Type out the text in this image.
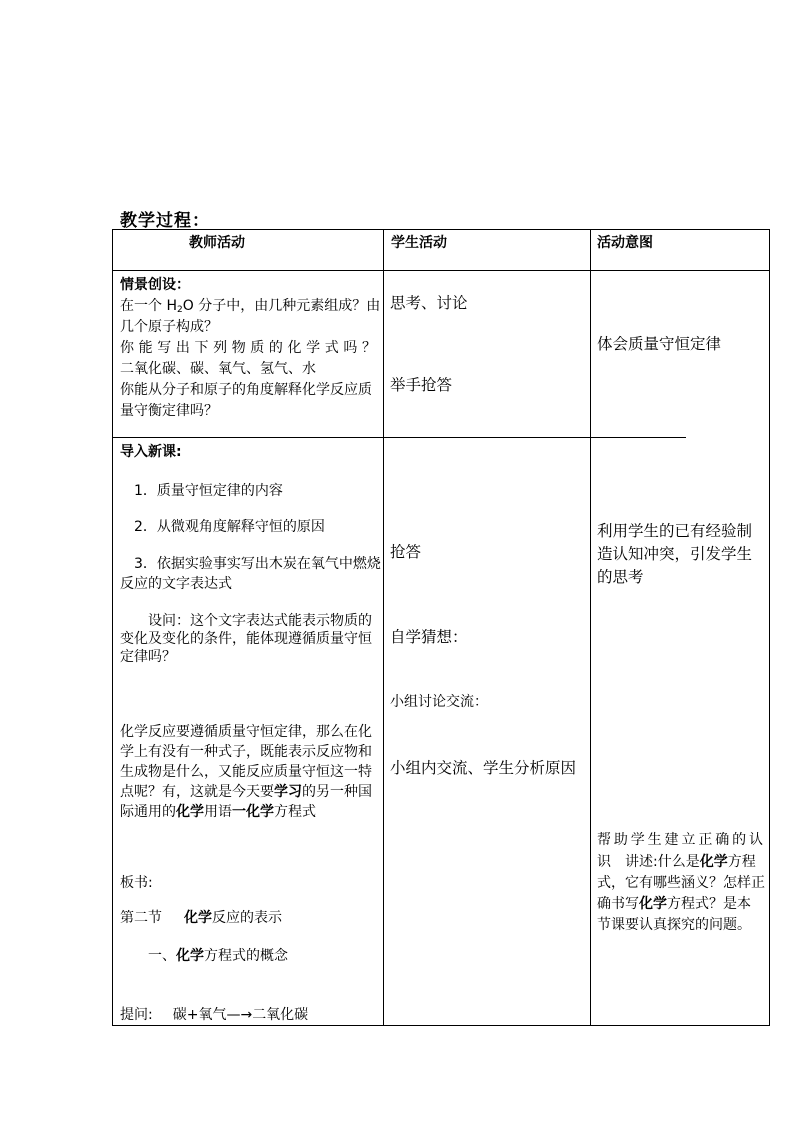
教学过程：
教师活动	学生活动	活动意图
情景创设：
在一个 $H_2O$ 分子中，由几种元素组成？由
几个原子构成？
你能写出下列物质的化学式吗？
二氧化碳、碳、氧气、氢气、水
你能从分子和原子的角度解释化学反应质
量守衡定律吗？
思考、讨论
举手抢答
体会质量守恒定律
导入新课:
1．质量守恒定律的内容
2．从微观角度解释守恒的原因
3．依据实验事实写出木炭在氧气中燃烧
反应的文字表达式
设问：这个文字表达式能表示物质的
变化及变化的条件，能体现遵循质量守恒
定律吗？
化学反应要遵循质量守恒定律，那么在化
学上有没有一种式子，既能表示反应物和
生成物是什么，又能反应质量守恒这一特
点呢？有，这就是今天要学习的另一种国
际通用的化学用语一化学方程式
板书:
第二节 化学反应的表示
一、化学方程式的概念
提问: 碳+氧气—→二氧化碳
抢答
自学猜想：
小组讨论交流：
小组内交流、学生分析原因
利用学生的已有经验制
造认知冲突，引发学生
的思考
帮助学生建立正确的认
识　讲述:什么是化学方程
式，它有哪些涵义？怎样正
确书写化学方程式？是本
节课要认真探究的问题。
